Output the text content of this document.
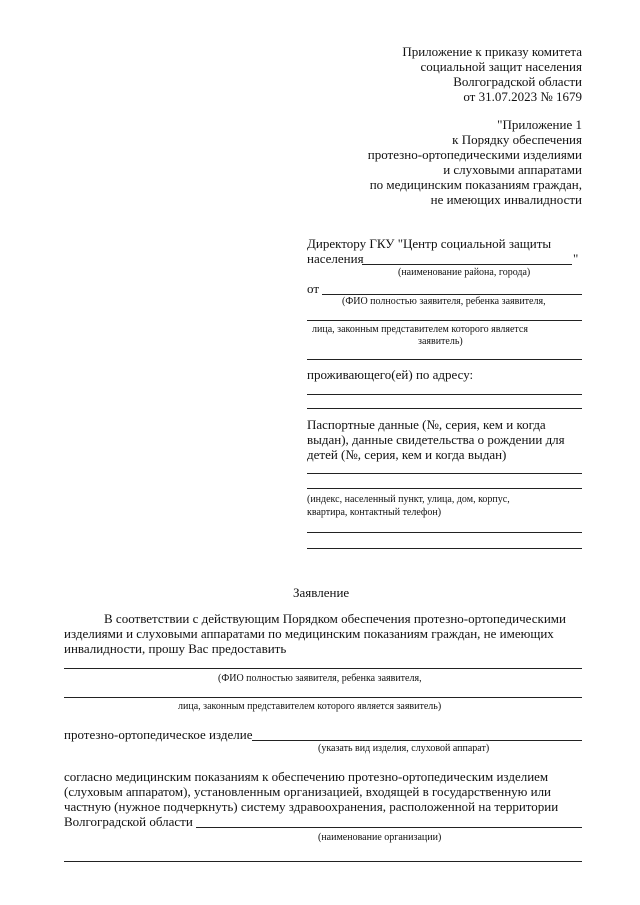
Приложение к приказу комитета
социальной защит населения
Волгоградской области
от 31.07.2023 № 1679
"Приложение 1
к Порядку обеспечения
протезно-ортопедическими изделиями
и слуховыми аппаратами
по медицинским показаниям граждан,
не имеющих инвалидности
Директору ГКУ "Центр социальной защиты
населения	"
(наименование района, города)
от
(ФИО полностью заявителя, ребенка заявителя,
лица, законным представителем которого является
заявитель)
проживающего(ей) по адресу:
Паспортные данные (№, серия, кем и когда
выдан), данные свидетельства о рождении для
детей (№, серия, кем и когда выдан)
(индекс, населенный пункт, улица, дом, корпус,
квартира, контактный телефон)
Заявление
В соответствии с действующим Порядком обеспечения протезно-ортопедическими
изделиями и слуховыми аппаратами по медицинским показаниям граждан, не имеющих
инвалидности, прошу Вас предоставить
(ФИО полностью заявителя, ребенка заявителя,
лица, законным представителем которого является заявитель)
протезно-ортопедическое изделие
(указать вид изделия, слуховой аппарат)
согласно медицинским показаниям к обеспечению протезно-ортопедическим изделием
(слуховым аппаратом), установленным организацией, входящей в государственную или
частную (нужное подчеркнуть) систему здравоохранения, расположенной на территории
Волгоградской области
(наименование организации)
